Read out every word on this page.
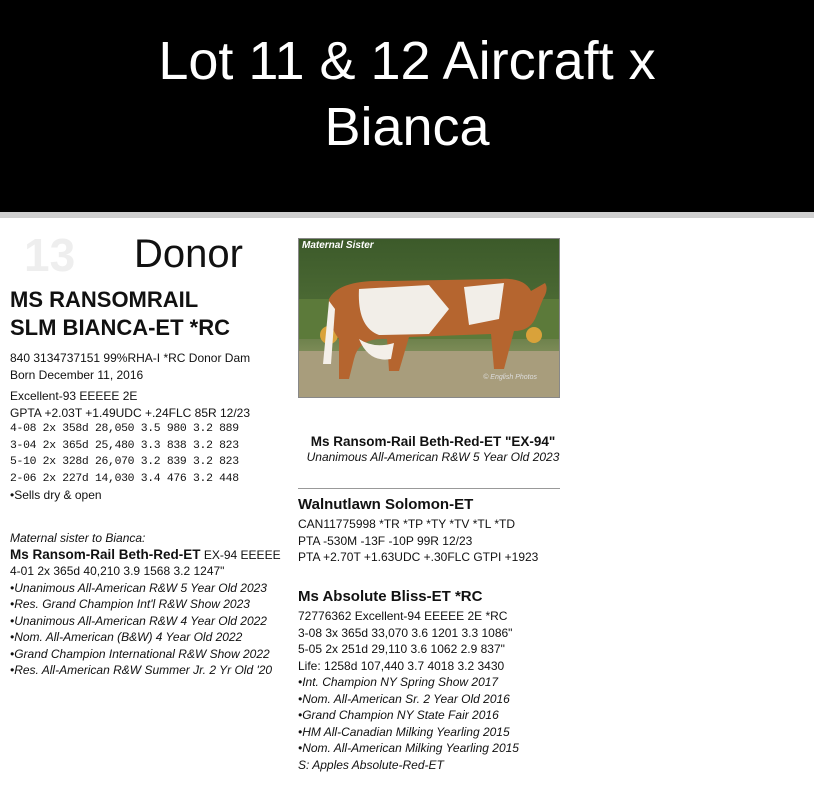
Lot 11 & 12 Aircraft x
Bianca
13 Donor
MS RANSOMRAIL
SLM BIANCA-ET *RC
840 3134737151 99%RHA-I *RC Donor Dam
Born December 11, 2016
Excellent-93 EEEEE 2E
GPTA +2.03T +1.49UDC +.24FLC 85R 12/23
4-08 2x 358d 28,050 3.5 980 3.2 889
3-04 2x 365d 25,480 3.3 838 3.2 823
5-10 2x 328d 26,070 3.2 839 3.2 823
2-06 2x 227d 14,030 3.4 476 3.2 448
•Sells dry & open
Maternal sister to Bianca:
Ms Ransom-Rail Beth-Red-ET EX-94 EEEEE
4-01 2x 365d 40,210 3.9 1568 3.2 1247"
•Unanimous All-American R&W 5 Year Old 2023
•Res. Grand Champion Int'l R&W Show 2023
•Unanimous All-American R&W 4 Year Old 2022
•Nom. All-American (B&W) 4 Year Old 2022
•Grand Champion International R&W Show 2022
•Res. All-American R&W Summer Jr. 2 Yr Old '20
Maternal Sister
© English Photos
Ms Ransom-Rail Beth-Red-ET "EX-94"
Unanimous All-American R&W 5 Year Old 2023
Walnutlawn Solomon-ET
CAN11775998 *TR *TP *TY *TV *TL *TD
PTA -530M -13F -10P 99R 12/23
PTA +2.70T +1.63UDC +.30FLC GTPI +1923
Ms Absolute Bliss-ET *RC
72776362 Excellent-94 EEEEE 2E *RC
3-08 3x 365d 33,070 3.6 1201 3.3 1086"
5-05 2x 251d 29,110 3.6 1062 2.9 837"
Life: 1258d 107,440 3.7 4018 3.2 3430
•Int. Champion NY Spring Show 2017
•Nom. All-American Sr. 2 Year Old 2016
•Grand Champion NY State Fair 2016
•HM All-Canadian Milking Yearling 2015
•Nom. All-American Milking Yearling 2015
S: Apples Absolute-Red-ET
